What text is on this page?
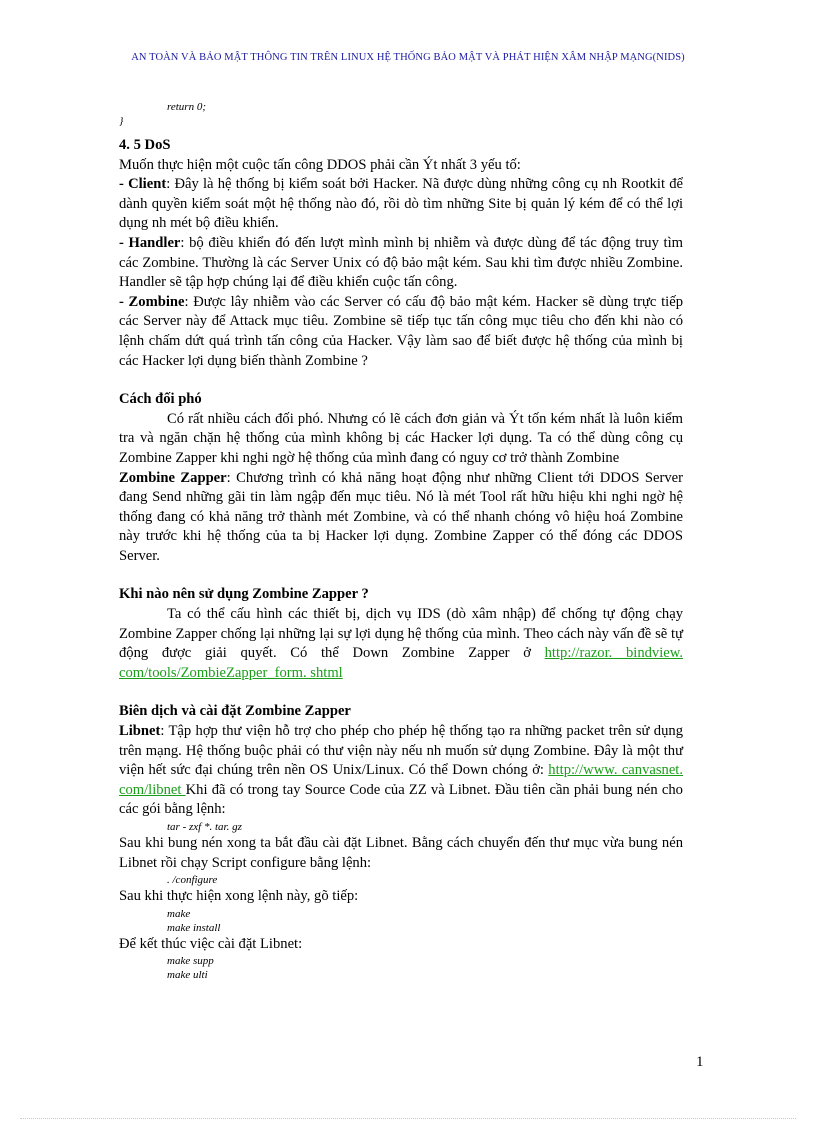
AN TOÀN VÀ BẢO MẬT THÔNG TIN TRÊN LINUX HỆ THỐNG BẢO MẬT VÀ PHÁT HIỆN XÂM NHẬP MẠNG(NIDS)
return 0;
}
4. 5 DoS

Muốn thực hiện một cuộc tấn công DDOS phải cần Ýt nhất 3 yếu tố:

- Client: Đây là hệ thống bị kiểm soát bởi Hacker. Nã được dùng những công cụ nh Rootkit để dành quyền kiểm soát một hệ thống nào đó, rồi dò tìm những Site bị quản lý kém để có thể lợi dụng nh mét bộ điều khiển.

- Handler: bộ điều khiển đó đến lượt mình mình bị nhiễm và được dùng để tác động truy tìm các Zombine. Thường là các Server Unix có độ bảo mật kém. Sau khi tìm được nhiều Zombine. Handler sẽ tập hợp chúng lại để điều khiển cuộc tấn công.

- Zombine: Được lây nhiễm vào các Server có cấu độ bảo mật kém. Hacker sẽ dùng trực tiếp các Server này để Attack mục tiêu. Zombine sẽ tiếp tục tấn công mục tiêu cho đến khi nào có lệnh chấm dứt quá trình tấn công của Hacker. Vậy làm sao để biết được hệ thống của mình bị các Hacker lợi dụng biến thành Zombine ?

Cách đối phó

Có rất nhiều cách đối phó. Nhưng có lẽ cách đơn giản và Ýt tốn kém nhất là luôn kiểm tra và ngăn chặn hệ thống của mình không bị các Hacker lợi dụng. Ta có thể dùng công cụ Zombine Zapper khi nghi ngờ hệ thống của mình đang có nguy cơ trở thành Zombine

Zombine Zapper: Chương trình có khả năng hoạt động như những Client tới DDOS Server đang Send những gãi tin làm ngập đến mục tiêu. Nó là mét Tool rất hữu hiệu khi nghi ngờ hệ thống đang có khả năng trở thành mét Zombine, và có thể nhanh chóng vô hiệu hoá Zombine này trước khi hệ thống của ta bị Hacker lợi dụng. Zombine Zapper có thể đóng các DDOS Server.

Khi nào nên sử dụng Zombine Zapper ?

Ta có thể cấu hình các thiết bị, dịch vụ IDS (dò xâm nhập) để chống tự động chạy Zombine Zapper chống lại những lại sự lợi dụng hệ thống của mình. Theo cách này vấn đề sẽ tự động được giải quyết. Có thể Down Zombine Zapper ở http://razor. bindview. com/tools/ZombieZapper_form. shtml

Biên dịch và cài đặt Zombine Zapper

Libnet: Tập hợp thư viện hỗ trợ cho phép cho phép hệ thống tạo ra những packet trên sử dụng trên mạng. Hệ thống buộc phải có thư viện này nếu nh muốn sử dụng Zombine. Đây là một thư viện hết sức đại chúng trên nền OS Unix/Linux. Có thể Down chóng ở: http://www. canvasnet. com/libnet Khi đã có trong tay Source Code của ZZ và Libnet. Đầu tiên cần phải bung nén cho các gói bằng lệnh:

tar - zxf *. tar. gz

Sau khi bung nén xong ta bắt đầu cài đặt Libnet. Bằng cách chuyển đến thư mục vừa bung nén Libnet rồi chạy Script configure bằng lệnh:

. /configure

Sau khi thực hiện xong lệnh này, gõ tiếp:

make
make install

Để kết thúc việc cài đặt Libnet:

make supp
make ulti
1
